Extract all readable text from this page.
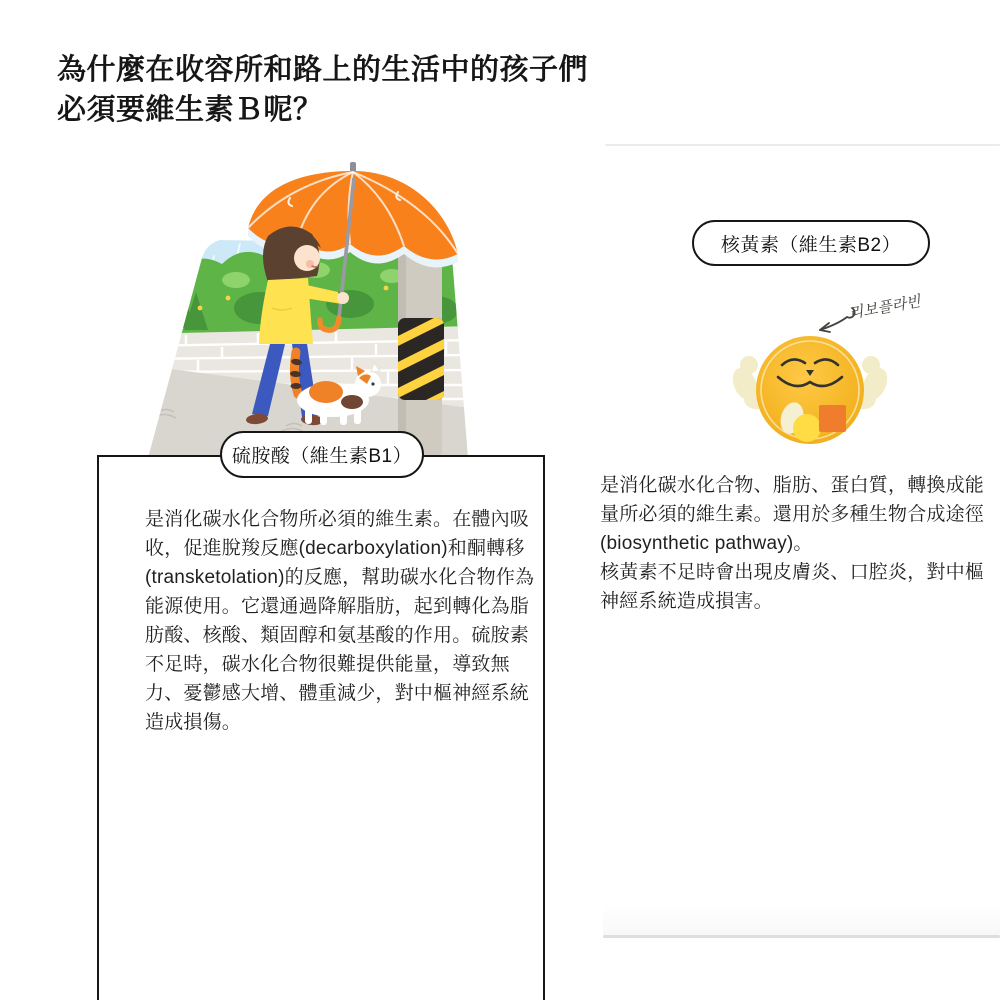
為什麼在收容所和路上的生活中的孩子們
必須要維生素Ｂ呢？
核黃素（維生素B2）
리보플라빈
是消化碳水化合物、脂肪、蛋白質，轉換成能量所必須的維生素。還用於多種生物合成途徑(biosynthetic pathway)。
核黃素不足時會出現皮膚炎、口腔炎，對中樞神經系統造成損害。
是消化碳水化合物所必須的維生素。在體內吸收，促進脫羧反應(decarboxylation)和酮轉移(transketolation)的反應，幫助碳水化合物作為能源使用。它還通過降解脂肪，起到轉化為脂肪酸、核酸、類固醇和氨基酸的作用。硫胺素不足時，碳水化合物很難提供能量，導致無力、憂鬱感大增、體重減少，對中樞神經系統造成損傷。
硫胺酸（維生素B1）
